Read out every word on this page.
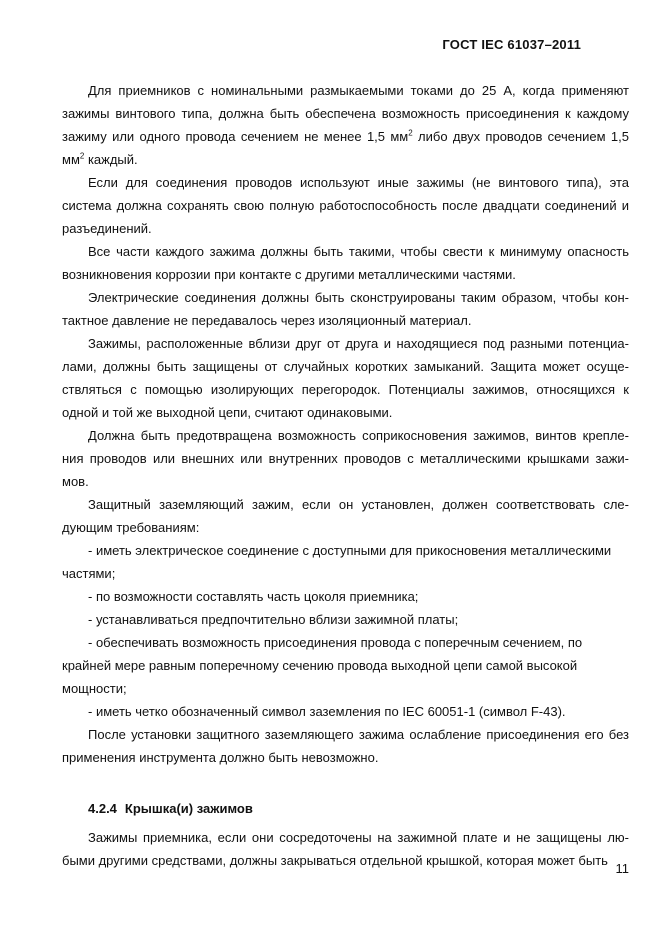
ГОСТ IEC 61037–2011

Для приемников с номинальными размыкаемыми токами до 25 А, когда применяют зажимы винтового типа, должна быть обеспечена возможность присоединения к каждому зажиму или одного провода сечением не менее 1,5 $мм^2$ либо двух проводов сечением 1,5 $мм^2$ каждый.

Если для соединения проводов используют иные зажимы (не винтового типа), эта система должна сохранять свою полную работоспособность после двадцати соединений и разъединений.

Все части каждого зажима должны быть такими, чтобы свести к минимуму опасность возникновения коррозии при контакте с другими металлическими частями.

Электрические соединения должны быть сконструированы таким образом, чтобы кон-тактное давление не передавалось через изоляционный материал.

Зажимы, расположенные вблизи друг от друга и находящиеся под разными потенциа-лами, должны быть защищены от случайных коротких замыканий. Защита может осуще-ствляться с помощью изолирующих перегородок. Потенциалы зажимов, относящихся к одной и той же выходной цепи, считают одинаковыми.

Должна быть предотвращена возможность соприкосновения зажимов, винтов крепле-ния проводов или внешних или внутренних проводов с металлическими крышками зажи-мов.

Защитный заземляющий зажим, если он установлен, должен соответствовать сле-дующим требованиям:

- иметь электрическое соединение с доступными для прикосновения металлическими частями;

- по возможности составлять часть цоколя приемника;

- устанавливаться предпочтительно вблизи зажимной платы;

- обеспечивать возможность присоединения провода с поперечным сечением, по крайней мере равным поперечному сечению провода выходной цепи самой высокой мощности;

- иметь четко обозначенный символ заземления по IEC 60051-1 (символ F-43).

После установки защитного заземляющего зажима ослабление присоединения его без применения инструмента должно быть невозможно.

4.2.4 Крышка(и) зажимов

Зажимы приемника, если они сосредоточены на зажимной плате и не защищены лю-быми другими средствами, должны закрываться отдельной крышкой, которая может быть

11
